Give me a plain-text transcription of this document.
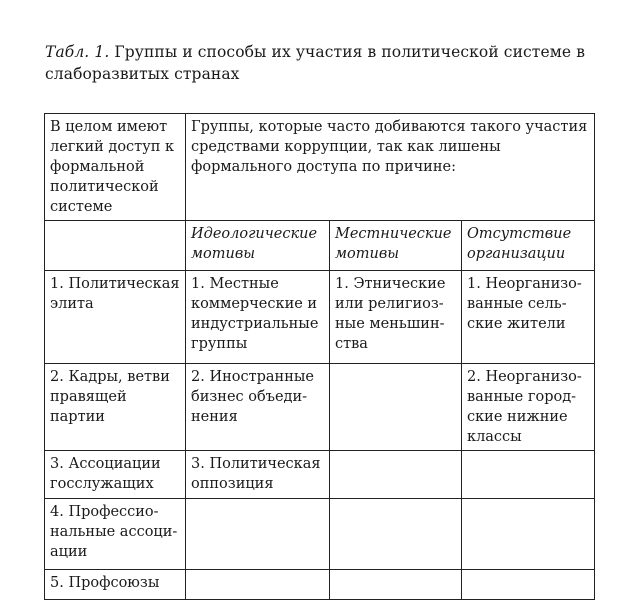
Табл. 1. Группы и способы их участия в политической системе в слаборазвитых странах
В целом имеют легкий доступ к формальной политической системе	Группы, которые часто добиваются такого участия средствами коррупции, так как лишены формального доступа по причине:		
	Идеологические мотивы	Местнические мотивы	Отсутствие организации
1. Политическая элита	1. Местные коммерческие и индустриальные группы	1. Этнические или религиозные меньшинства	1. Неорганизованные сельские жители
2. Кадры, ветви правящей партии	2. Иностранные бизнес объединения		2. Неорганизованные городские нижние классы
3. Ассоциации госслужащих	3. Политическая оппозиция		
4. Профессиональные ассоциации			
5. Профсоюзы			
